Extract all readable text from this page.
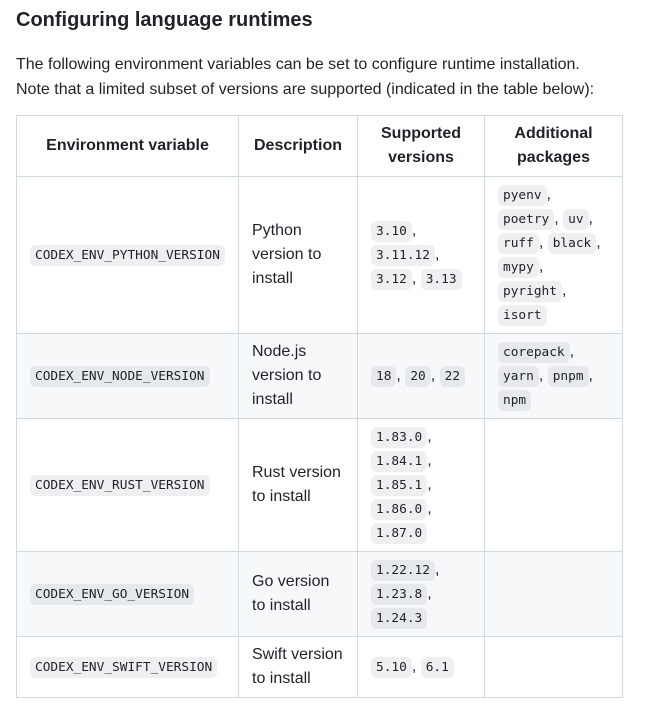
Configuring language runtimes

The following environment variables can be set to configure runtime installation.
Note that a limited subset of versions are supported (indicated in the table below):

Environment variable	Description	Supported versions	Additional packages
CODEX_ENV_PYTHON_VERSION	Python version to install	3.10 , 3.11.12 , 3.12 , 3.13	pyenv , poetry , uv , ruff , black , mypy , pyright , isort
CODEX_ENV_NODE_VERSION	Node.js version to install	18 , 20 , 22	corepack , yarn , pnpm , npm
CODEX_ENV_RUST_VERSION	Rust version to install	1.83.0 , 1.84.1 , 1.85.1 , 1.86.0 , 1.87.0	
CODEX_ENV_GO_VERSION	Go version to install	1.22.12 , 1.23.8 , 1.24.3	
CODEX_ENV_SWIFT_VERSION	Swift version to install	5.10 , 6.1	
